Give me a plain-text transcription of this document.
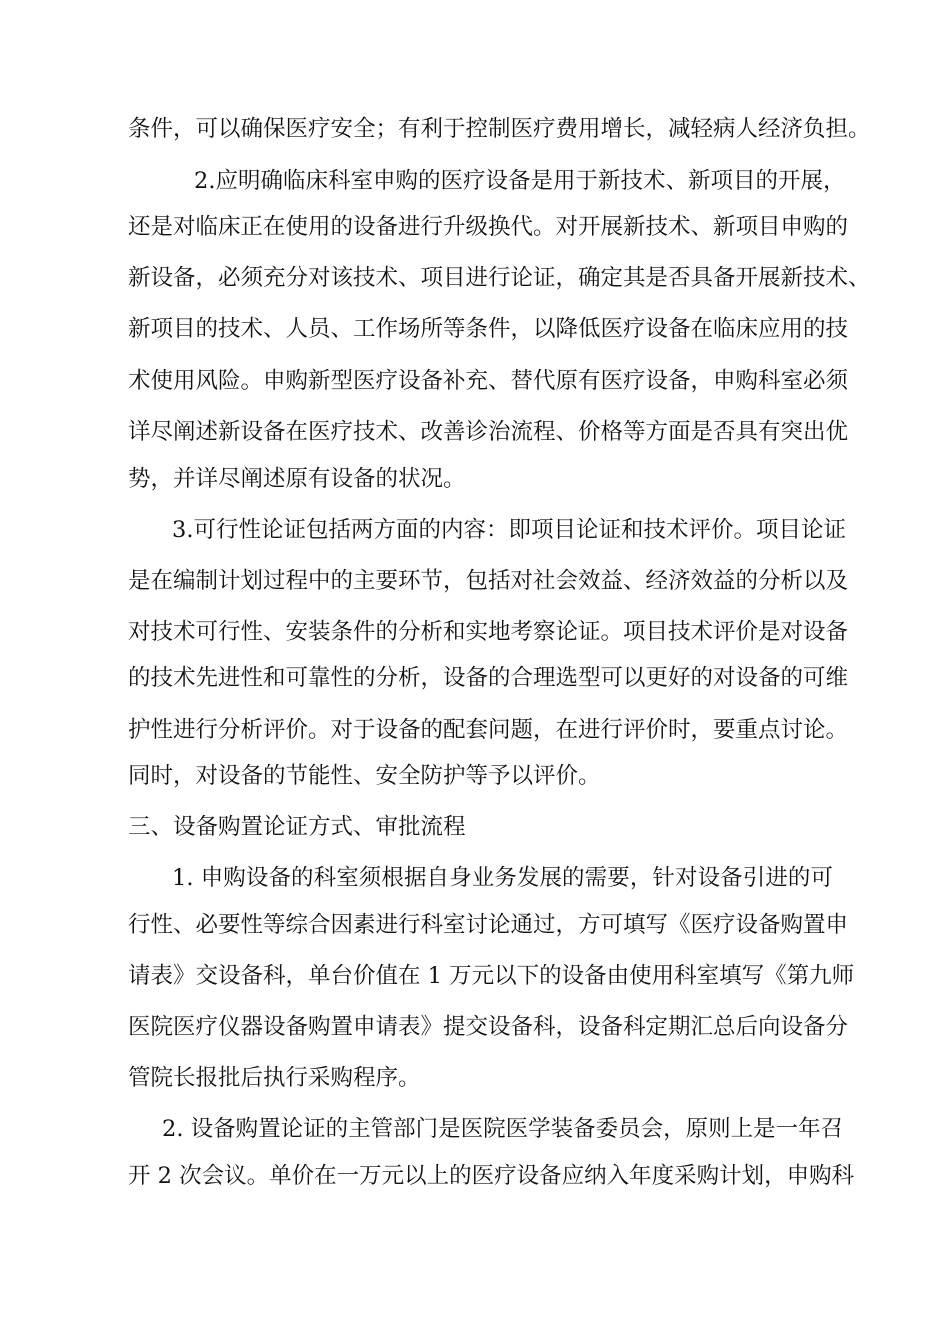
条件，可以确保医疗安全；有利于控制医疗费用增长，减轻病人经济负担。
2.应明确临床科室申购的医疗设备是用于新技术、新项目的开展，
还是对临床正在使用的设备进行升级换代。对开展新技术、新项目申购的
新设备，必须充分对该技术、项目进行论证，确定其是否具备开展新技术、
新项目的技术、人员、工作场所等条件，以降低医疗设备在临床应用的技
术使用风险。申购新型医疗设备补充、替代原有医疗设备，申购科室必须
详尽阐述新设备在医疗技术、改善诊治流程、价格等方面是否具有突出优
势，并详尽阐述原有设备的状况。
3.可行性论证包括两方面的内容：即项目论证和技术评价。项目论证
是在编制计划过程中的主要环节，包括对社会效益、经济效益的分析以及
对技术可行性、安装条件的分析和实地考察论证。项目技术评价是对设备
的技术先进性和可靠性的分析，设备的合理选型可以更好的对设备的可维
护性进行分析评价。对于设备的配套问题，在进行评价时，要重点讨论。
同时，对设备的节能性、安全防护等予以评价。
三、设备购置论证方式、审批流程
1. 申购设备的科室须根据自身业务发展的需要，针对设备引进的可
行性、必要性等综合因素进行科室讨论通过，方可填写《医疗设备购置申
请表》交设备科，单台价值在 1 万元以下的设备由使用科室填写《第九师
医院医疗仪器设备购置申请表》提交设备科，设备科定期汇总后向设备分
管院长报批后执行采购程序。
2. 设备购置论证的主管部门是医院医学装备委员会，原则上是一年召
开 2 次会议。单价在一万元以上的医疗设备应纳入年度采购计划，申购科
